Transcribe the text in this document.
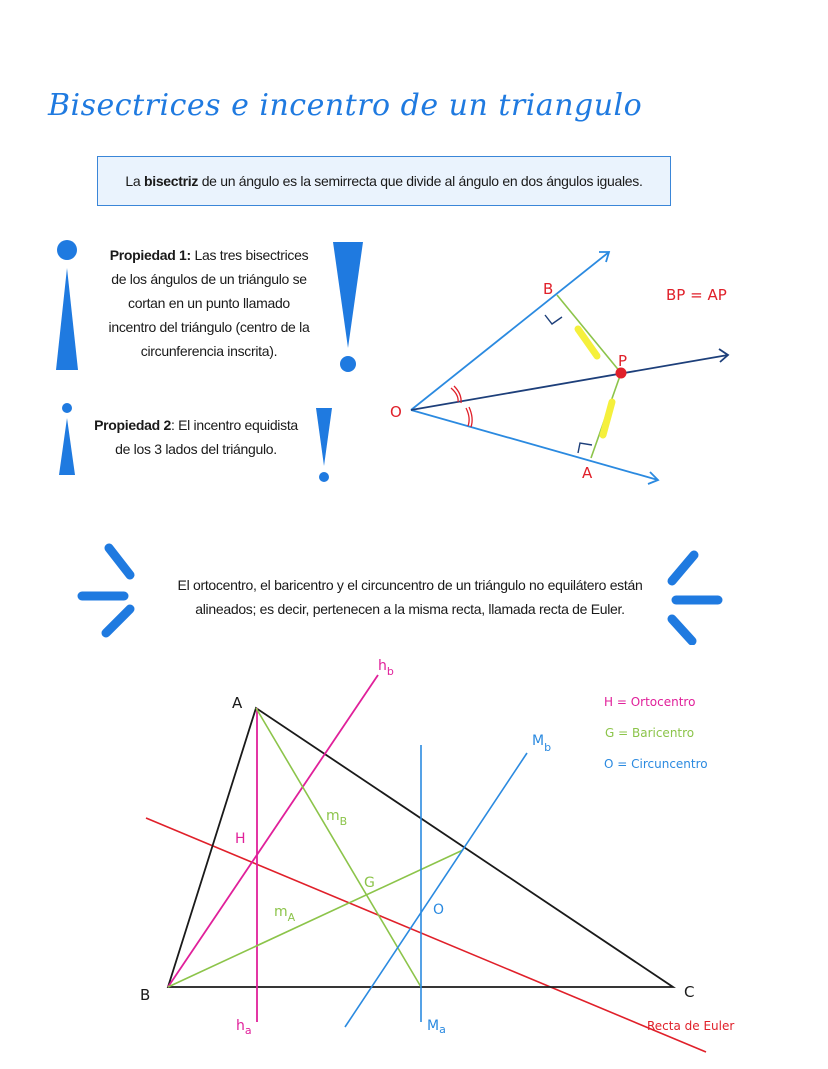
Bisectrices e incentro de un triangulo
La
bisectriz
de un ángulo es la semirrecta que divide al ángulo en dos ángulos iguales.
Propiedad 1: Las tres bisectrices
de los ángulos de un triángulo se
cortan en un punto llamado
incentro del triángulo (centro de la
circunferencia inscrita).
Propiedad 2: El incentro equidista
de los 3 lados del triángulo.
O
B
P
A
BP = AP
El ortocentro, el baricentro y el circuncentro de un triángulo no equilátero están
alineados; es decir, pertenecen a la misma recta, llamada recta de Euler.
A
B	C
H
G
O
$h_b$
$h_a$
$m_B$
$m_A$
$M_a$
$M_b$
Recta de Euler
H = Ortocentro
G = Baricentro
O = Circuncentro
